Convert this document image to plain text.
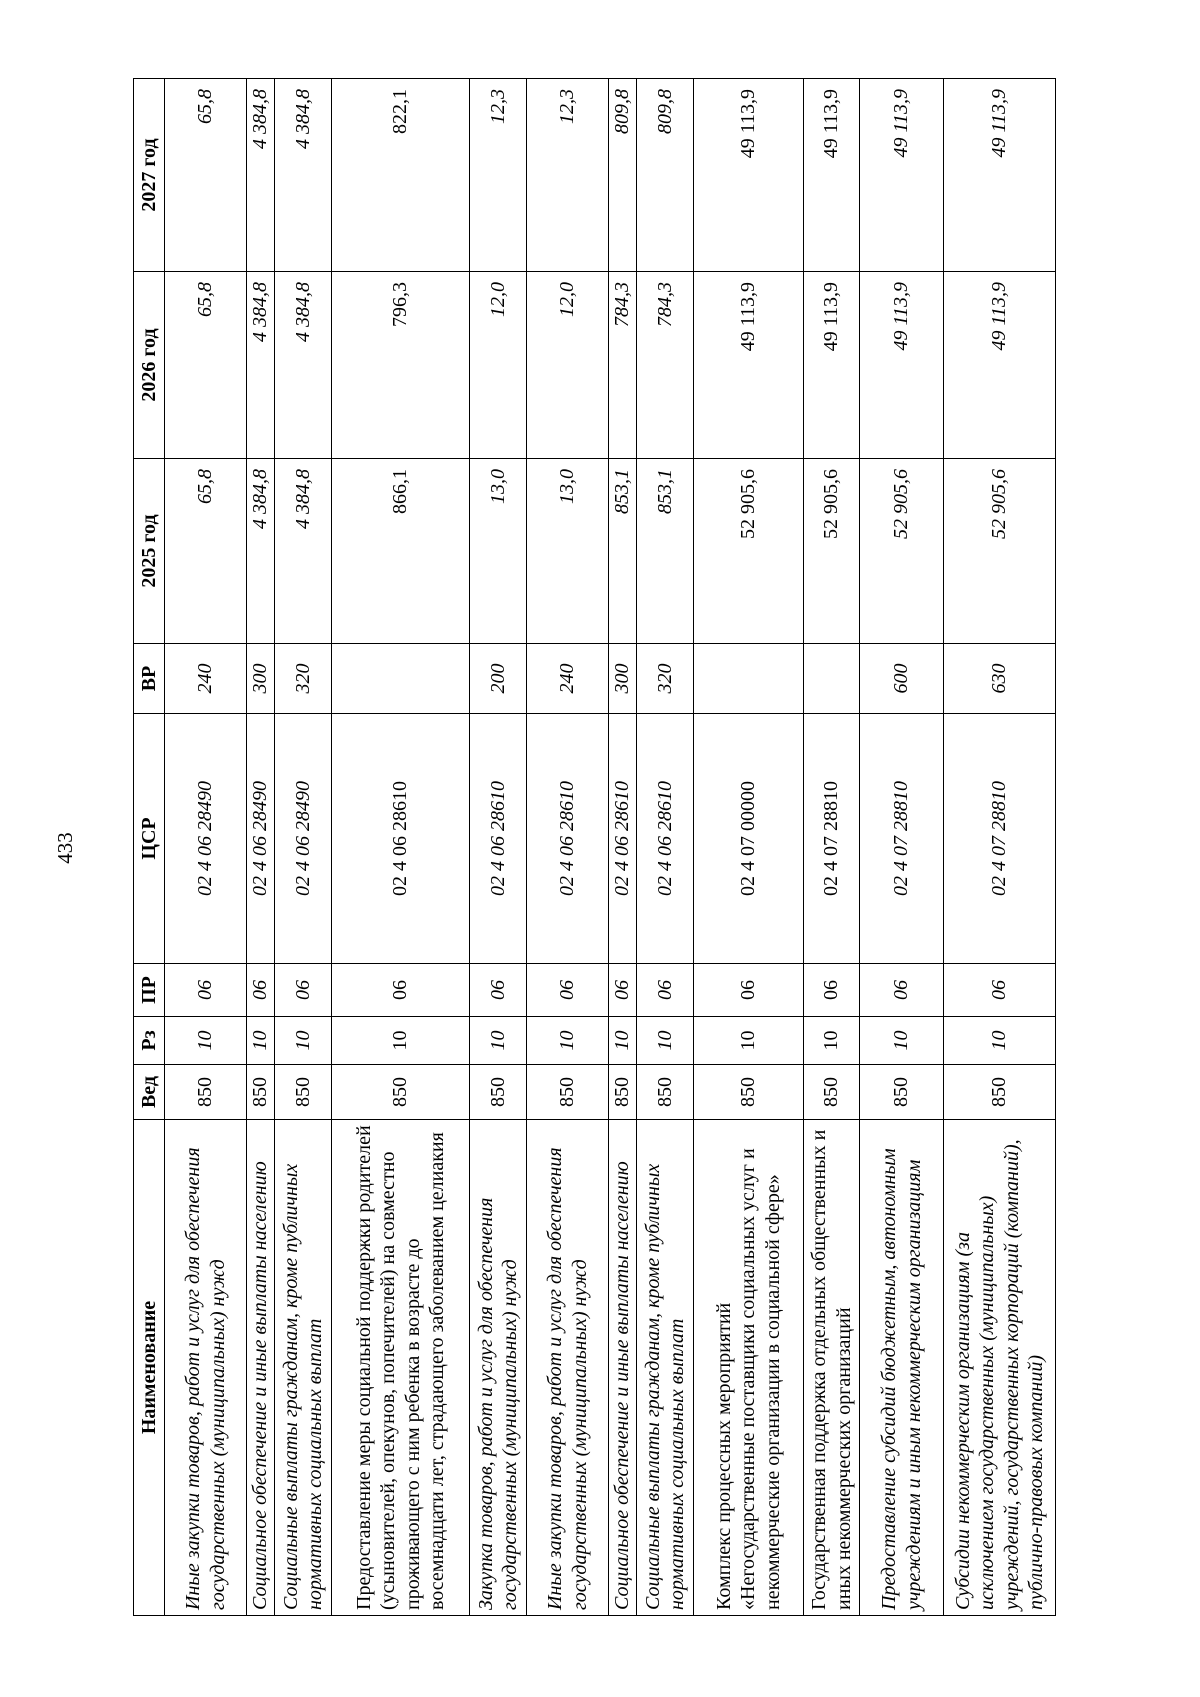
433
Наименование	Вед	Рз	ПР	ЦСР	ВР	2025 год	2026 год	2027 год
Иные закупки товаров, работ и услуг для обеспечения государственных (муниципальных) нужд	850	10	06	02 4 06 28490	240	65,8	65,8	65,8
Социальное обеспечение и иные выплаты населению	850	10	06	02 4 06 28490	300	4 384,8	4 384,8	4 384,8
Социальные выплаты гражданам, кроме публичных нормативных социальных выплат	850	10	06	02 4 06 28490	320	4 384,8	4 384,8	4 384,8
Предоставление меры социальной поддержки родителей (усыновителей, опекунов, попечителей) на совместно проживающего с ним ребенка в возрасте до восемнадцати лет, страдающего заболеванием целиакия	850	10	06	02 4 06 28610		866,1	796,3	822,1
Закупка товаров, работ и услуг для обеспечения государственных (муниципальных) нужд	850	10	06	02 4 06 28610	200	13,0	12,0	12,3
Иные закупки товаров, работ и услуг для обеспечения государственных (муниципальных) нужд	850	10	06	02 4 06 28610	240	13,0	12,0	12,3
Социальное обеспечение и иные выплаты населению	850	10	06	02 4 06 28610	300	853,1	784,3	809,8
Социальные выплаты гражданам, кроме публичных нормативных социальных выплат	850	10	06	02 4 06 28610	320	853,1	784,3	809,8
Комплекс процессных мероприятий «Негосударственные поставщики социальных услуг и некоммерческие организации в социальной сфере»	850	10	06	02 4 07 00000		52 905,6	49 113,9	49 113,9
Государственная поддержка отдельных общественных и иных некоммерческих организаций	850	10	06	02 4 07 28810		52 905,6	49 113,9	49 113,9
Предоставление субсидий бюджетным, автономным учреждениям и иным некоммерческим организациям	850	10	06	02 4 07 28810	600	52 905,6	49 113,9	49 113,9
Субсидии некоммерческим организациям (за исключением государственных (муниципальных) учреждений, государственных корпораций (компаний), публично-правовых компаний)	850	10	06	02 4 07 28810	630	52 905,6	49 113,9	49 113,9
